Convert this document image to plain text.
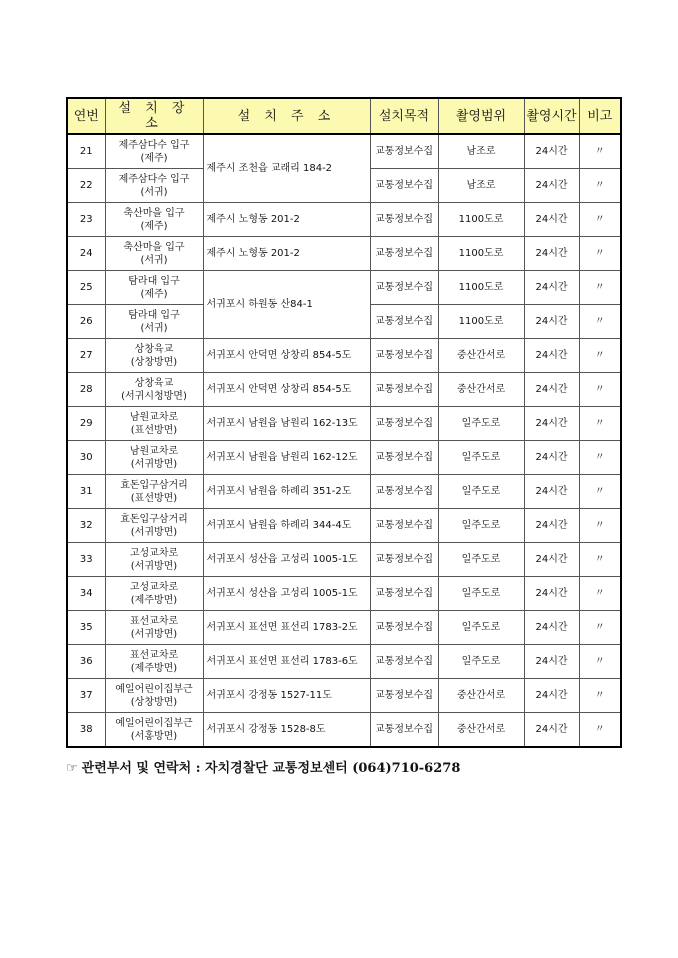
연번	설 치 장 소	설 치 주 소	설치목적	촬영범위	촬영시간	비고
21	제주삼다수 입구
(제주)	제주시 조천읍 교래리 184-2	교통정보수집	남조로	24시간	〃
22	제주삼다수 입구
(서귀)		교통정보수집	남조로	24시간	〃
23	축산마을 입구
(제주)	제주시 노형동 201-2	교통정보수집	1100도로	24시간	〃
24	축산마을 입구
(서귀)	제주시 노형동 201-2	교통정보수집	1100도로	24시간	〃
25	탐라대 입구
(제주)	서귀포시 하원동 산84-1	교통정보수집	1100도로	24시간	〃
26	탐라대 입구
(서귀)		교통정보수집	1100도로	24시간	〃
27	상창육교
(상창방면)	서귀포시 안덕면 상창리 854-5도	교통정보수집	중산간서로	24시간	〃
28	상창육교
(서귀시청방면)	서귀포시 안덕면 상창리 854-5도	교통정보수집	중산간서로	24시간	〃
29	남원교차로
(표선방면)	서귀포시 남원읍 남원리 162-13도	교통정보수집	일주도로	24시간	〃
30	남원교차로
(서귀방면)	서귀포시 남원읍 남원리 162-12도	교통정보수집	일주도로	24시간	〃
31	효돈입구삼거리
(표선방면)	서귀포시 남원읍 하례리 351-2도	교통정보수집	일주도로	24시간	〃
32	효돈입구삼거리
(서귀방면)	서귀포시 남원읍 하례리 344-4도	교통정보수집	일주도로	24시간	〃
33	고성교차로
(서귀방면)	서귀포시 성산읍 고성리 1005-1도	교통정보수집	일주도로	24시간	〃
34	고성교차로
(제주방면)	서귀포시 성산읍 고성리 1005-1도	교통정보수집	일주도로	24시간	〃
35	표선교차로
(서귀방면)	서귀포시 표선면 표선리 1783-2도	교통정보수집	일주도로	24시간	〃
36	표선교차로
(제주방면)	서귀포시 표선면 표선리 1783-6도	교통정보수집	일주도로	24시간	〃
37	예일어린이집부근
(상창방면)	서귀포시 강정동 1527-11도	교통정보수집	중산간서로	24시간	〃
38	예일어린이집부근
(서홍방면)	서귀포시 강정동 1528-8도	교통정보수집	중산간서로	24시간	〃
☞ 관련부서 및 연락처 : 자치경찰단 교통정보센터 (064)710-6278
